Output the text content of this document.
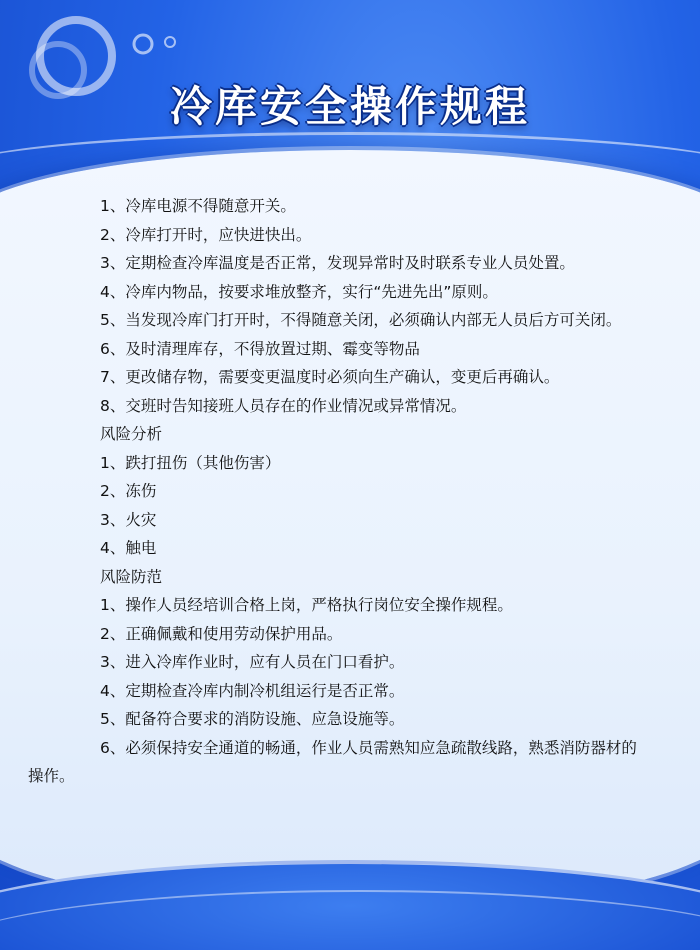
冷库安全操作规程

1、冷库电源不得随意开关。

2、冷库打开时，应快进快出。

3、定期检查冷库温度是否正常，发现异常时及时联系专业人员处置。

4、冷库内物品，按要求堆放整齐，实行“先进先出”原则。

5、当发现冷库门打开时，不得随意关闭，必须确认内部无人员后方可关闭。

6、及时清理库存，不得放置过期、霉变等物品

7、更改储存物，需要变更温度时必须向生产确认，变更后再确认。

8、交班时告知接班人员存在的作业情况或异常情况。

风险分析

1、跌打扭伤（其他伤害）

2、冻伤

3、火灾

4、触电

风险防范

1、操作人员经培训合格上岗，严格执行岗位安全操作规程。

2、正确佩戴和使用劳动保护用品。

3、进入冷库作业时，应有人员在门口看护。

4、定期检查冷库内制冷机组运行是否正常。

5、配备符合要求的消防设施、应急设施等。

6、必须保持安全通道的畅通，作业人员需熟知应急疏散线路，熟悉消防器材的操作。
